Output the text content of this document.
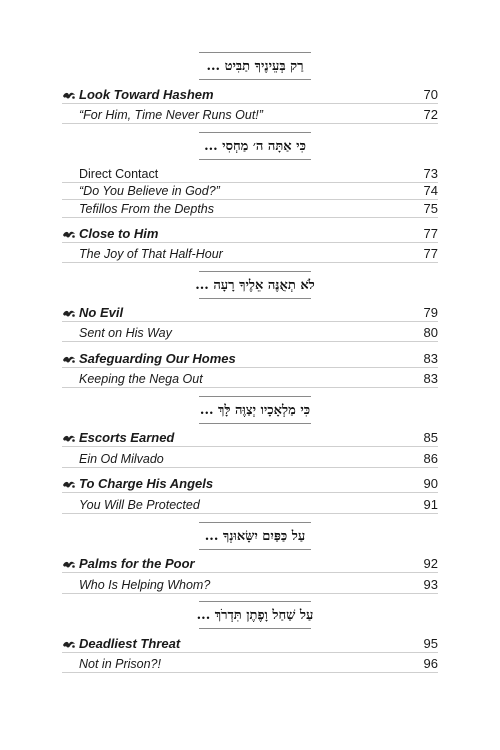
רַק בְּעֵינֶיךָ תַבִּיט ...
Look Toward Hashem	70
“For Him, Time Never Runs Out!”	72
כִּי אַתָּה ה׳ מַחְסִי ...
Direct Contact	73
“Do You Believe in God?”	74
Tefillos From the Depths	75
Close to Him	77
The Joy of That Half-Hour	77
לֹא תְאֻנֶּה אֵלֶיךָ רָעָה ...
No Evil	79
Sent on His Way	80
Safeguarding Our Homes	83
Keeping the Nega Out	83
כִּי מַלְאָכָיו יְצַוֶּה לָּךְ ...
Escorts Earned	85
Ein Od Milvado	86
To Charge His Angels	90
You Will Be Protected	91
עַל כַּפַּיִם יִשָּׂאוּנְךָ ...
Palms for the Poor	92
Who Is Helping Whom?	93
עַל שַׁחַל וָפֶתֶן תִּדְרֹךְ ...
Deadliest Threat	95
Not in Prison?!	96
